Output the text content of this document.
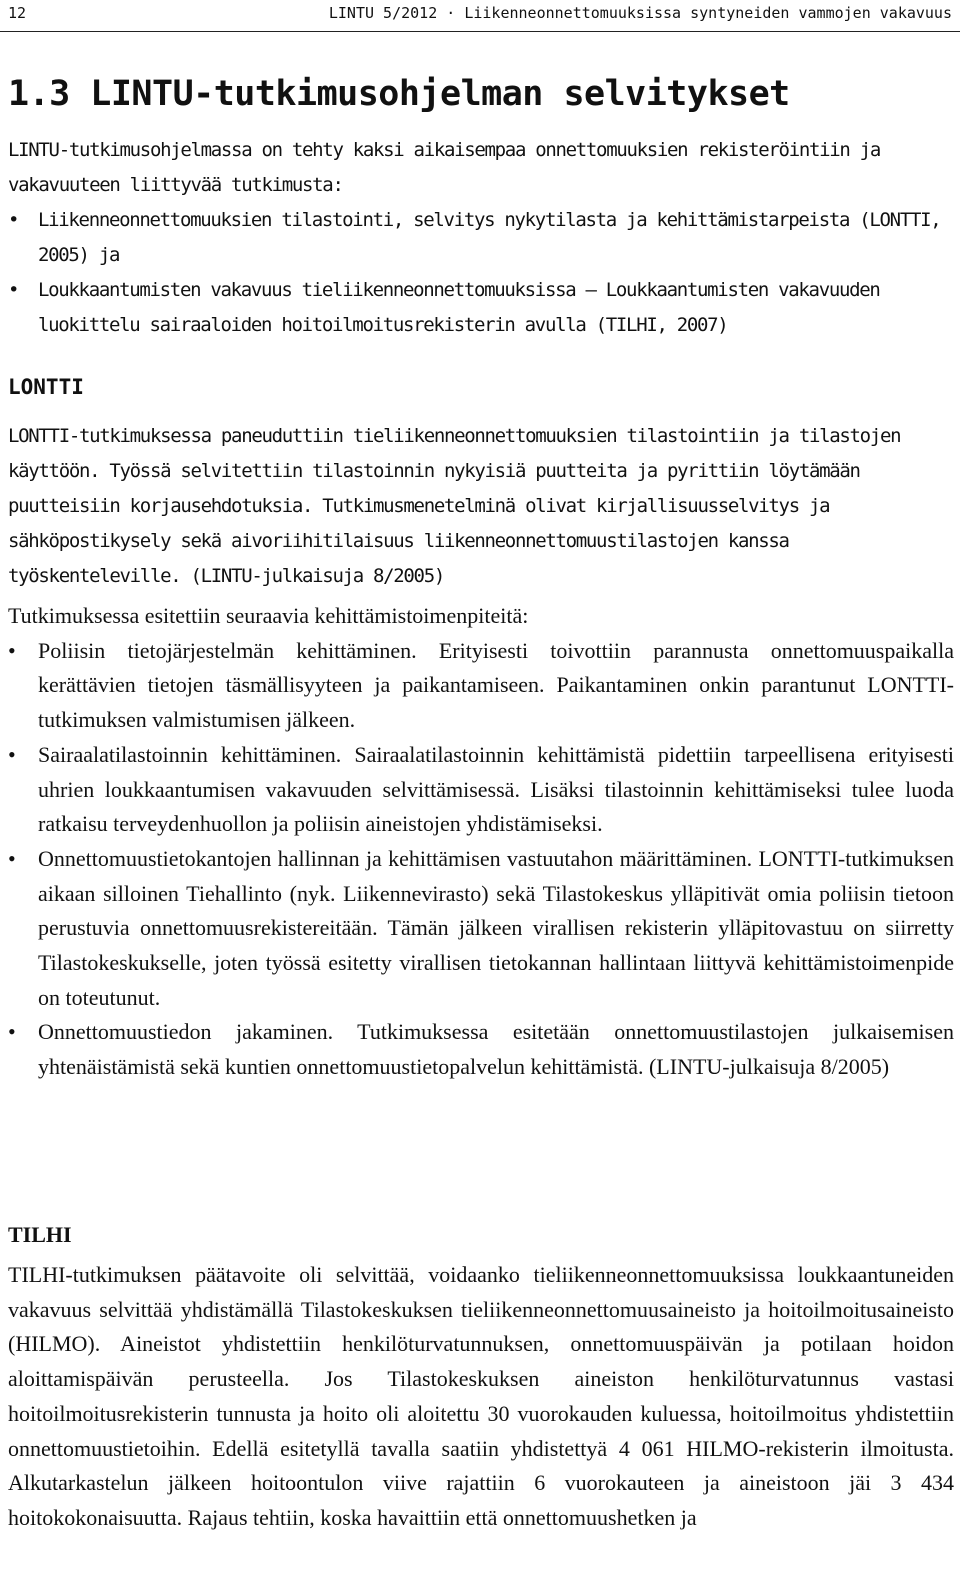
12	LINTU 5/2012 · Liikenneonnettomuuksissa syntyneiden vammojen vakavuus
1.3 LINTU-tutkimusohjelman selvitykset

LINTU-tutkimusohjelmassa on tehty kaksi aikaisempaa onnettomuuksien rekisteröintiin ja vakavuuteen liittyvää tutkimusta:

• Liikenneonnettomuuksien tilastointi, selvitys nykytilasta ja kehittämistarpeista (LONTTI, 2005) ja
• Loukkaantumisten vakavuus tieliikenneonnettomuuksissa – Loukkaantumisten vakavuuden luokittelu sairaaloiden hoitoilmoitusrekisterin avulla (TILHI, 2007)
LONTTI

LONTTI-tutkimuksessa paneuduttiin tieliikenneonnettomuuksien tilastointiin ja tilastojen käyttöön. Työssä selvitettiin tilastoinnin nykyisiä puutteita ja pyrittiin löytämään puutteisiin korjausehdotuksia. Tutkimusmenetelminä olivat kirjallisuusselvitys ja sähköpostikysely sekä aivoriihitilaisuus liikenneonnettomuustilastojen kanssa työskenteleville. (LINTU-julkaisuja 8/2005)

Tutkimuksessa esitettiin seuraavia kehittämistoimenpiteitä:

• Poliisin tietojärjestelmän kehittäminen. Erityisesti toivottiin parannusta onnettomuuspaikalla kerättävien tietojen täsmällisyyteen ja paikantamiseen. Paikantaminen onkin parantunut LONTTI-tutkimuksen valmistumisen jälkeen.
• Sairaalatilastoinnin kehittäminen. Sairaalatilastoinnin kehittämistä pidettiin tarpeellisena erityisesti uhrien loukkaantumisen vakavuuden selvittämisessä. Lisäksi tilastoinnin kehittämiseksi tulee luoda ratkaisu terveydenhuollon ja poliisin aineistojen yhdistämiseksi.
• Onnettomuustietokantojen hallinnan ja kehittämisen vastuutahon määrittäminen. LONTTI-tutkimuksen aikaan silloinen Tiehallinto (nyk. Liikennevirasto) sekä Tilastokeskus ylläpitivät omia poliisin tietoon perustuvia onnettomuusrekistereitään. Tämän jälkeen virallisen rekisterin ylläpitovastuu on siirretty Tilastokeskukselle, joten työssä esitetty virallisen tietokannan hallintaan liittyvä kehittämistoimenpide on toteutunut.
• Onnettomuustiedon jakaminen. Tutkimuksessa esitetään onnettomuustilastojen julkaisemisen yhtenäistämistä sekä kuntien onnettomuustietopalvelun kehittämistä. (LINTU-julkaisuja 8/2005)
TILHI

TILHI-tutkimuksen päätavoite oli selvittää, voidaanko tieliikenneonnettomuuksissa loukkaantuneiden vakavuus selvittää yhdistämällä Tilastokeskuksen tieliikenneonnettomuusaineisto ja hoitoilmoitusaineisto (HILMO). Aineistot yhdistettiin henkilöturvatunnuksen, onnettomuuspäivän ja potilaan hoidon aloittamispäivän perusteella. Jos Tilastokeskuksen aineiston henkilöturvatunnus vastasi hoitoilmoitusrekisterin tunnusta ja hoito oli aloitettu 30 vuorokauden kuluessa, hoitoilmoitus yhdistettiin onnettomuustietoihin. Edellä esitetyllä tavalla saatiin yhdistettyä 4 061 HILMO-rekisterin ilmoitusta. Alkutarkastelun jälkeen hoitoontulon viive rajattiin 6 vuorokauteen ja aineistoon jäi 3 434 hoitokokonaisuutta. Rajaus tehtiin, koska havaittiin että onnettomuushetken ja
